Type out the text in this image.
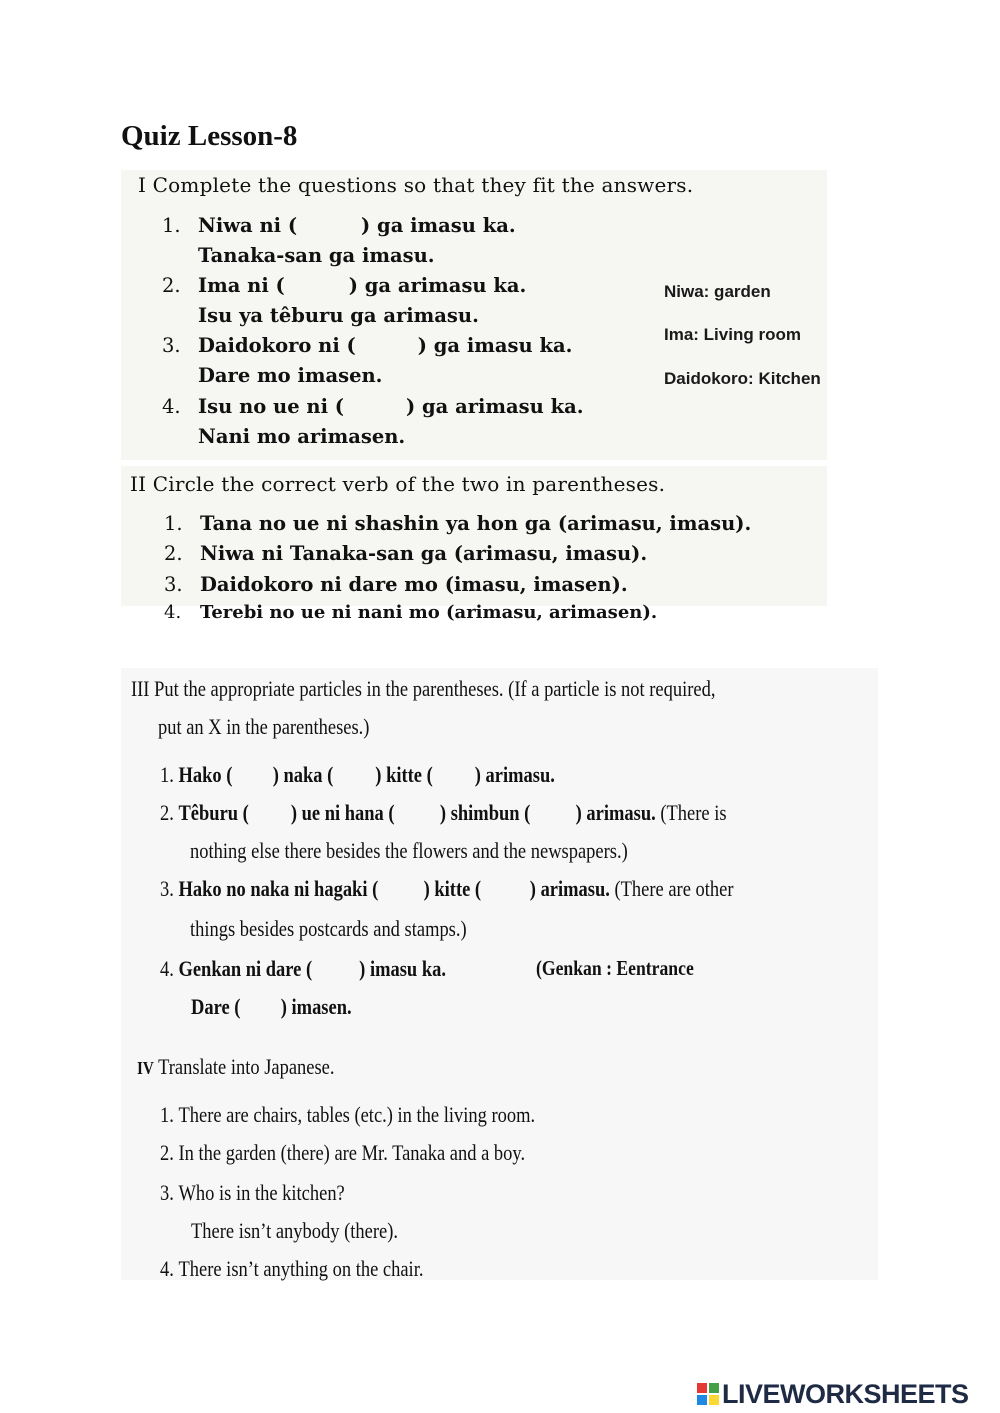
Quiz Lesson-8
I Complete the questions so that they fit the answers.
1. Niwa ni (	) ga imasu ka.
Tanaka-san ga imasu.
2. Ima ni (	) ga arimasu ka.
Isu ya têburu ga arimasu.
3. Daidokoro ni (	) ga imasu ka.
Dare mo imasen.
4. Isu no ue ni (	) ga arimasu ka.
Nani mo arimasen.
Niwa: garden
Ima: Living room
Daidokoro: Kitchen
II Circle the correct verb of the two in parentheses.
1. Tana no ue ni shashin ya hon ga (arimasu, imasu).
2. Niwa ni Tanaka-san ga (arimasu, imasu).
3. Daidokoro ni dare mo (imasu, imasen).
4. Terebi no ue ni nani mo (arimasu, arimasen).
III Put the appropriate particles in the parentheses. (If a particle is not required,
put an X in the parentheses.)
1. Hako ( ) naka ( ) kitte ( ) arimasu.
2. Têburu ( ) ue ni hana ( ) shimbun ( ) arimasu. (There is
nothing else there besides the flowers and the newspapers.)
3. Hako no naka ni hagaki ( ) kitte ( ) arimasu. (There are other
things besides postcards and stamps.)
4. Genkan ni dare ( ) imasu ka.	(Genkan : Eentrance
Dare ( ) imasen.
IV Translate into Japanese.
1. There are chairs, tables (etc.) in the living room.
2. In the garden (there) are Mr. Tanaka and a boy.
3. Who is in the kitchen?
There isn’t anybody (there).
4. There isn’t anything on the chair.
LIVEWORKSHEETS
